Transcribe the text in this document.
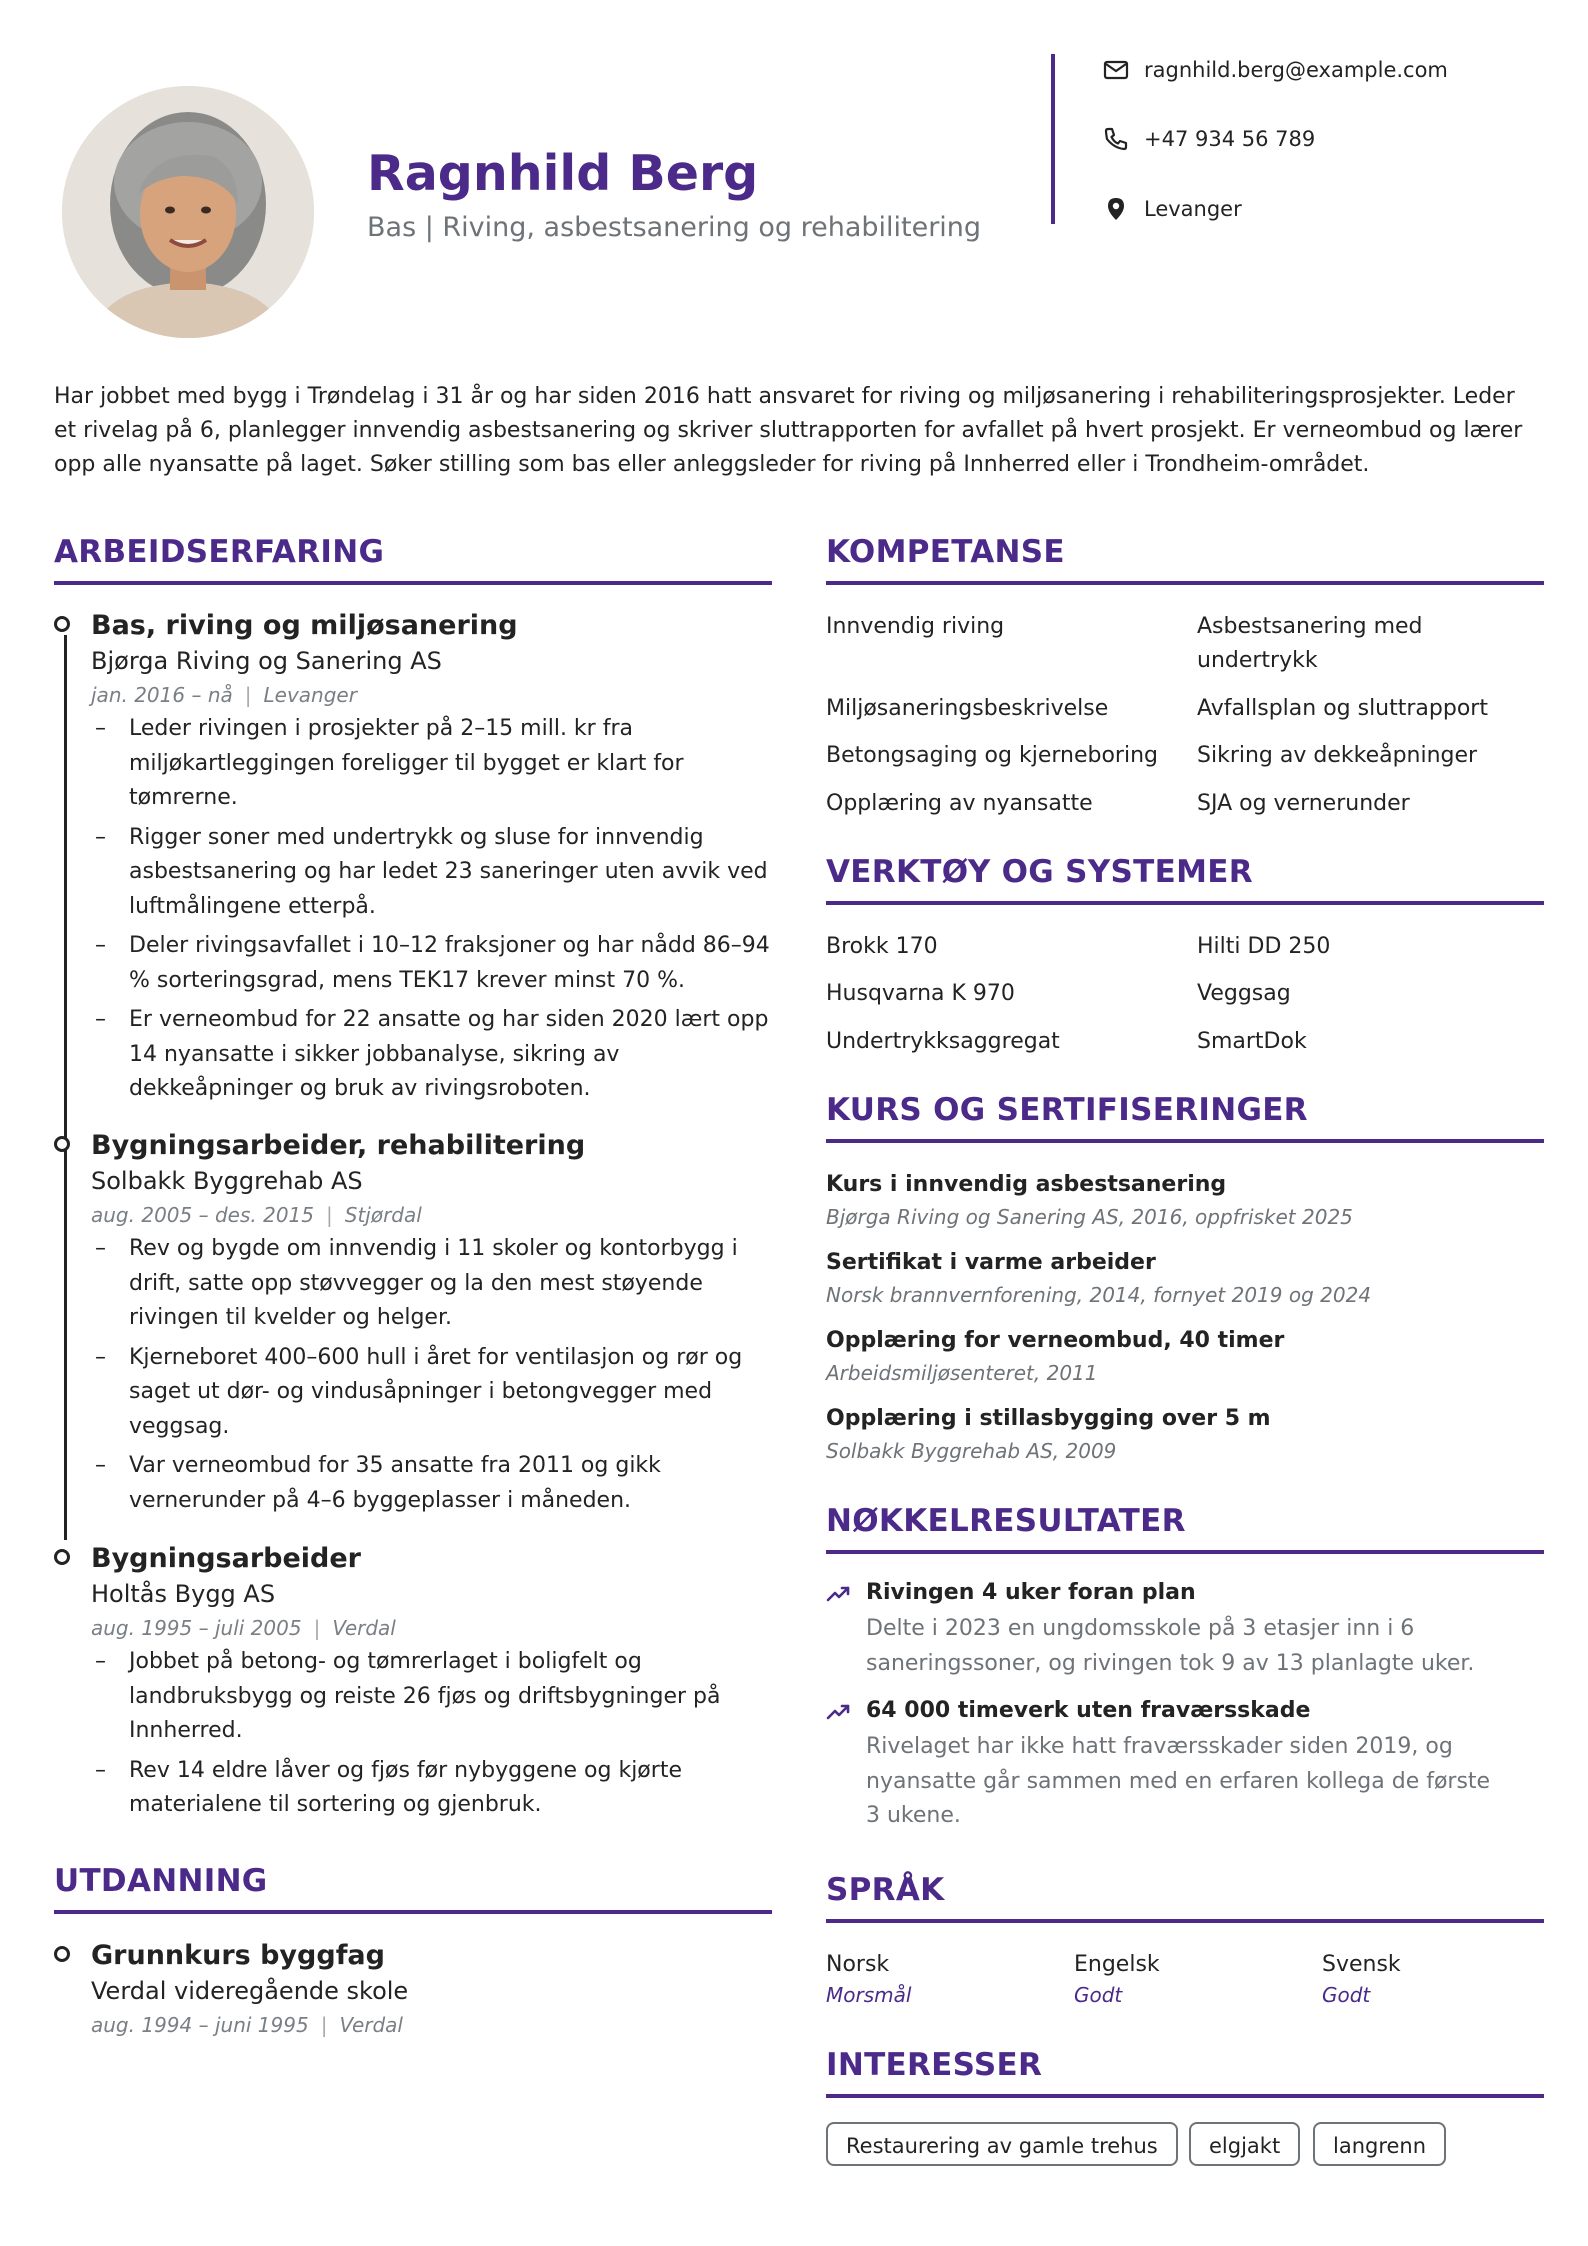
Ragnhild Berg
Bas | Riving, asbestsanering og rehabilitering
ragnhild.berg@example.com
+47 934 56 789
Levanger
Har jobbet med bygg i Trøndelag i 31 år og har siden 2016 hatt ansvaret for riving og miljøsanering i rehabiliteringsprosjekter. Leder et rivelag på 6, planlegger innvendig asbestsanering og skriver sluttrapporten for avfallet på hvert prosjekt. Er verneombud og lærer opp alle nyansatte på laget. Søker stilling som bas eller anleggsleder for riving på Innherred eller i Trondheim-området.
ARBEIDSERFARING
Bas, riving og miljøsanering
Bjørga Riving og Sanering AS
jan. 2016 – nå | Levanger
– Leder rivingen i prosjekter på 2–15 mill. kr fra miljøkartleggingen foreligger til bygget er klart for tømrerne.
– Rigger soner med undertrykk og sluse for innvendig asbestsanering og har ledet 23 saneringer uten avvik ved luftmålingene etterpå.
– Deler rivingsavfallet i 10–12 fraksjoner og har nådd 86–94 % sorteringsgrad, mens TEK17 krever minst 70 %.
– Er verneombud for 22 ansatte og har siden 2020 lært opp 14 nyansatte i sikker jobbanalyse, sikring av dekkeåpninger og bruk av rivingsroboten.
Bygningsarbeider, rehabilitering
Solbakk Byggrehab AS
aug. 2005 – des. 2015 | Stjørdal
– Rev og bygde om innvendig i 11 skoler og kontorbygg i drift, satte opp støvvegger og la den mest støyende rivingen til kvelder og helger.
– Kjerneboret 400–600 hull i året for ventilasjon og rør og saget ut dør- og vindusåpninger i betongvegger med veggsag.
– Var verneombud for 35 ansatte fra 2011 og gikk vernerunder på 4–6 byggeplasser i måneden.
Bygningsarbeider
Holtås Bygg AS
aug. 1995 – juli 2005 | Verdal
– Jobbet på betong- og tømrerlaget i boligfelt og landbruksbygg og reiste 26 fjøs og driftsbygninger på Innherred.
– Rev 14 eldre låver og fjøs før nybyggene og kjørte materialene til sortering og gjenbruk.
UTDANNING
Grunnkurs byggfag
Verdal videregående skole
aug. 1994 – juni 1995 | Verdal
KOMPETANSE
Innvendig riving	Asbestsanering med undertrykk
Miljøsaneringsbeskrivelse	Avfallsplan og sluttrapport
Betongsaging og kjerneboring	Sikring av dekkeåpninger
Opplæring av nyansatte	SJA og vernerunder
VERKTØY OG SYSTEMER
Brokk 170	Hilti DD 250
Husqvarna K 970	Veggsag
Undertrykksaggregat	SmartDok
KURS OG SERTIFISERINGER
Kurs i innvendig asbestsanering
Bjørga Riving og Sanering AS, 2016, oppfrisket 2025
Sertifikat i varme arbeider
Norsk brannvernforening, 2014, fornyet 2019 og 2024
Opplæring for verneombud, 40 timer
Arbeidsmiljøsenteret, 2011
Opplæring i stillasbygging over 5 m
Solbakk Byggrehab AS, 2009
NØKKELRESULTATER
Rivingen 4 uker foran plan
Delte i 2023 en ungdomsskole på 3 etasjer inn i 6 saneringssoner, og rivingen tok 9 av 13 planlagte uker.
64 000 timeverk uten fraværsskade
Rivelaget har ikke hatt fraværsskader siden 2019, og nyansatte går sammen med en erfaren kollega de første 3 ukene.
SPRÅK
Norsk
Morsmål
Engelsk
Godt
Svensk
Godt
INTERESSER
Restaurering av gamle trehus	elgjakt	langrenn
